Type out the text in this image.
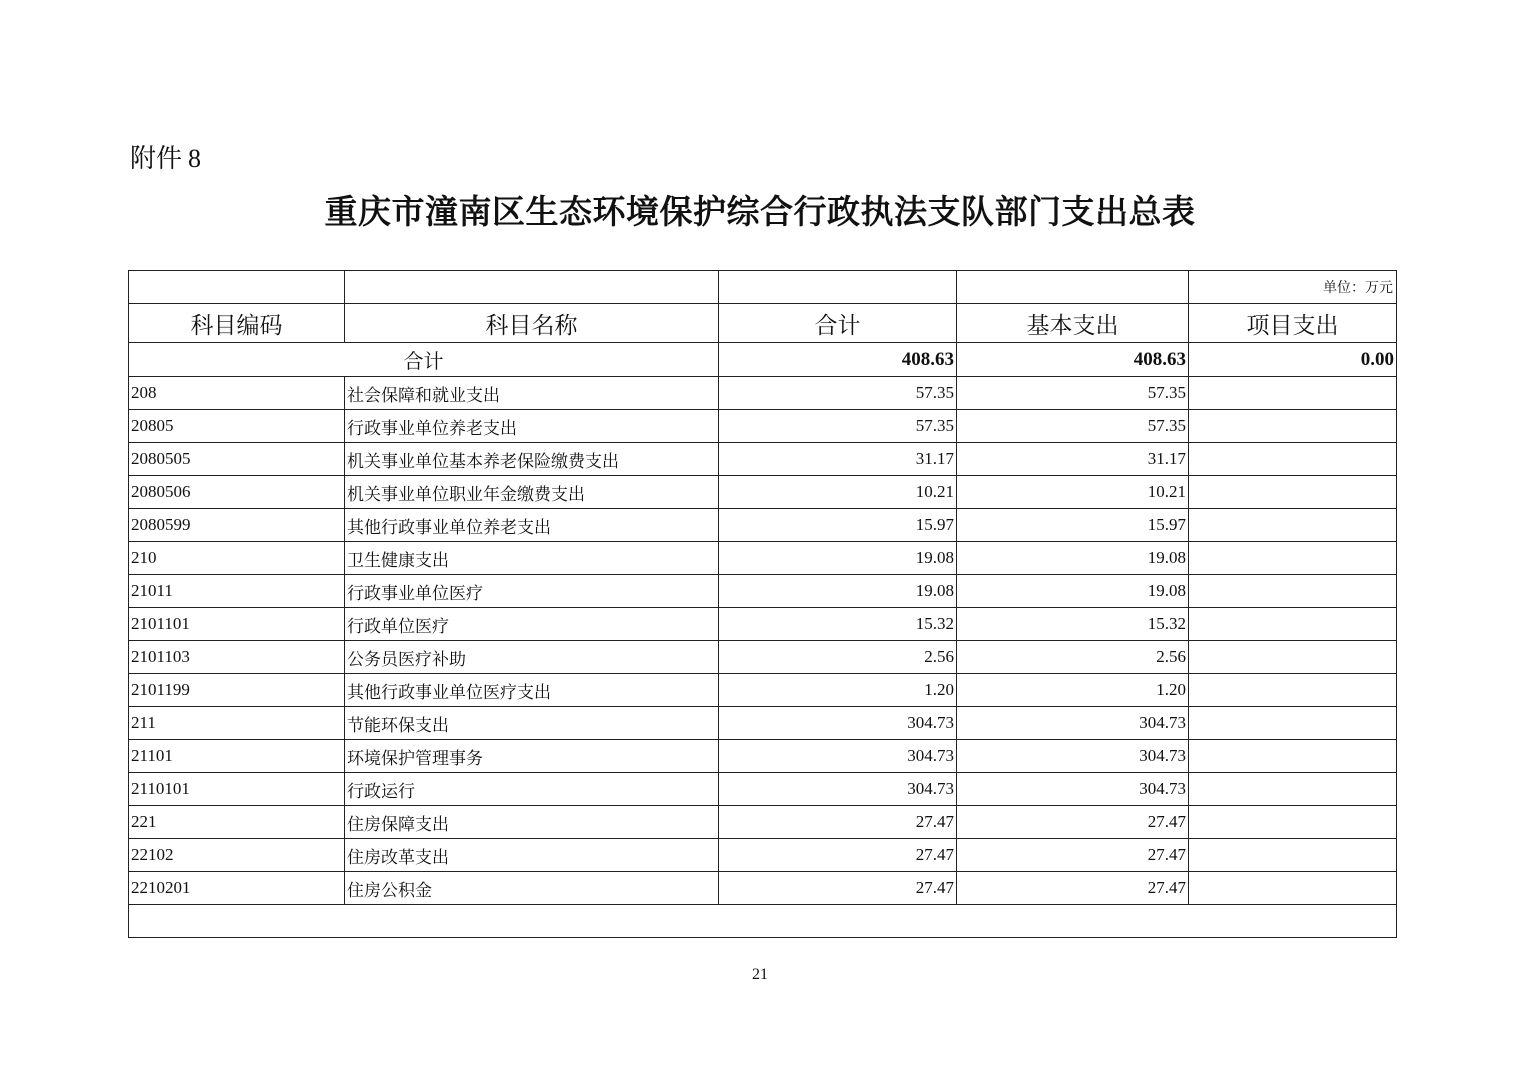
附件 8
重庆市潼南区生态环境保护综合行政执法支队部门支出总表
				单位：万元
科目编码	科目名称	合计	基本支出	项目支出
合计		408.63	408.63	0.00
208	社会保障和就业支出	57.35	57.35	
20805	行政事业单位养老支出	57.35	57.35	
2080505	机关事业单位基本养老保险缴费支出	31.17	31.17	
2080506	机关事业单位职业年金缴费支出	10.21	10.21	
2080599	其他行政事业单位养老支出	15.97	15.97	
210	卫生健康支出	19.08	19.08	
21011	行政事业单位医疗	19.08	19.08	
2101101	行政单位医疗	15.32	15.32	
2101103	公务员医疗补助	2.56	2.56	
2101199	其他行政事业单位医疗支出	1.20	1.20	
211	节能环保支出	304.73	304.73	
21101	环境保护管理事务	304.73	304.73	
2110101	行政运行	304.73	304.73	
221	住房保障支出	27.47	27.47	
22102	住房改革支出	27.47	27.47	
2210201	住房公积金	27.47	27.47	

21
